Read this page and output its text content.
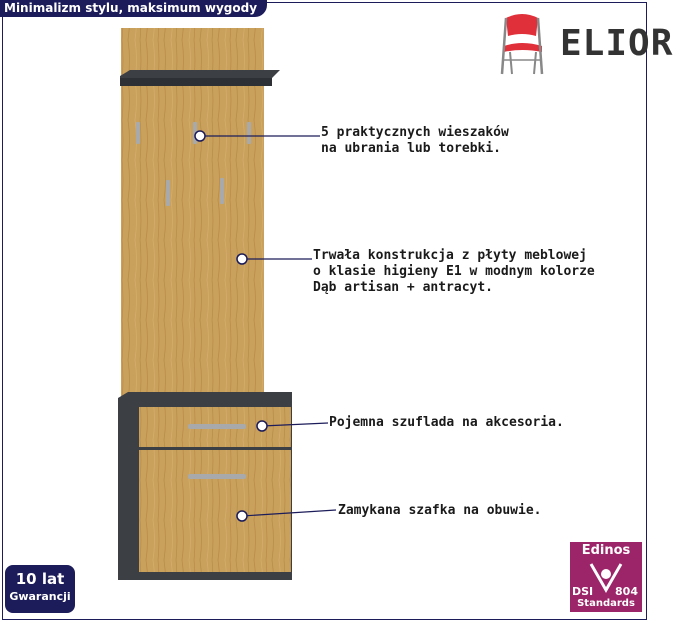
Minimalizm stylu, maksimum wygody
ELIOR
5 praktycznych wieszaków
na ubrania lub torebki.
Trwała konstrukcja z płyty meblowej
o klasie higieny E1 w modnym kolorze
Dąb artisan + antracyt.
Pojemna szuflada na akcesoria.
Zamykana szafka na obuwie.
10 lat
Gwarancji
Edinos
DSI 804
Standards
